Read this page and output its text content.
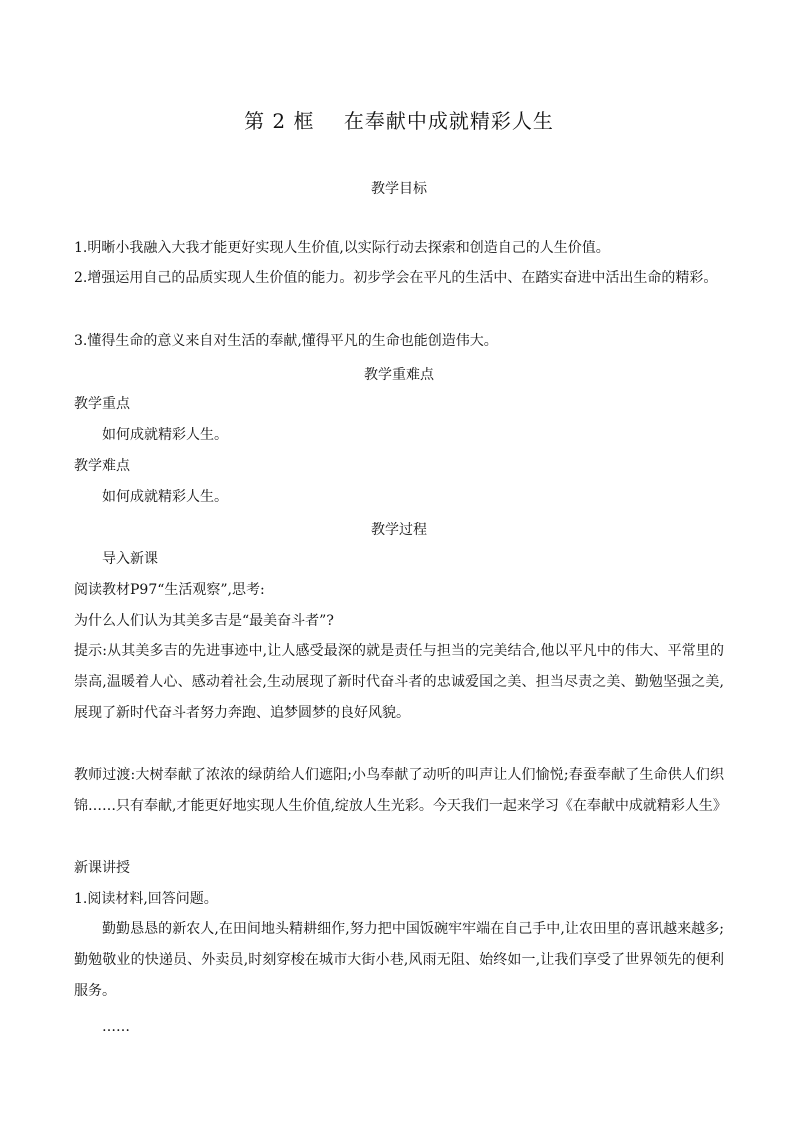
第 2 框    在奉献中成就精彩人生
教学目标
1.明晰小我融入大我才能更好实现人生价值,以实际行动去探索和创造自己的人生价值。
2.增强运用自己的品质实现人生价值的能力。初步学会在平凡的生活中、在踏实奋进中活出生命的精彩。
3.懂得生命的意义来自对生活的奉献,懂得平凡的生命也能创造伟大。
教学重难点
教学重点
如何成就精彩人生。
教学难点
如何成就精彩人生。
教学过程
导入新课
阅读教材P97“生活观察”,思考:
为什么人们认为其美多吉是“最美奋斗者”?
提示:从其美多吉的先进事迹中,让人感受最深的就是责任与担当的完美结合,他以平凡中的伟大、平常里的崇高,温暖着人心、感动着社会,生动展现了新时代奋斗者的忠诚爱国之美、担当尽责之美、勤勉坚强之美,展现了新时代奋斗者努力奔跑、追梦圆梦的良好风貌。
教师过渡:大树奉献了浓浓的绿荫给人们遮阳;小鸟奉献了动听的叫声让人们愉悦;春蚕奉献了生命供人们织锦……只有奉献,才能更好地实现人生价值,绽放人生光彩。今天我们一起来学习《在奉献中成就精彩人生》
新课讲授
1.阅读材料,回答问题。
勤勤恳恳的新农人,在田间地头精耕细作,努力把中国饭碗牢牢端在自己手中,让农田里的喜讯越来越多;勤勉敬业的快递员、外卖员,时刻穿梭在城市大街小巷,风雨无阻、始终如一,让我们享受了世界领先的便利服务。
……
